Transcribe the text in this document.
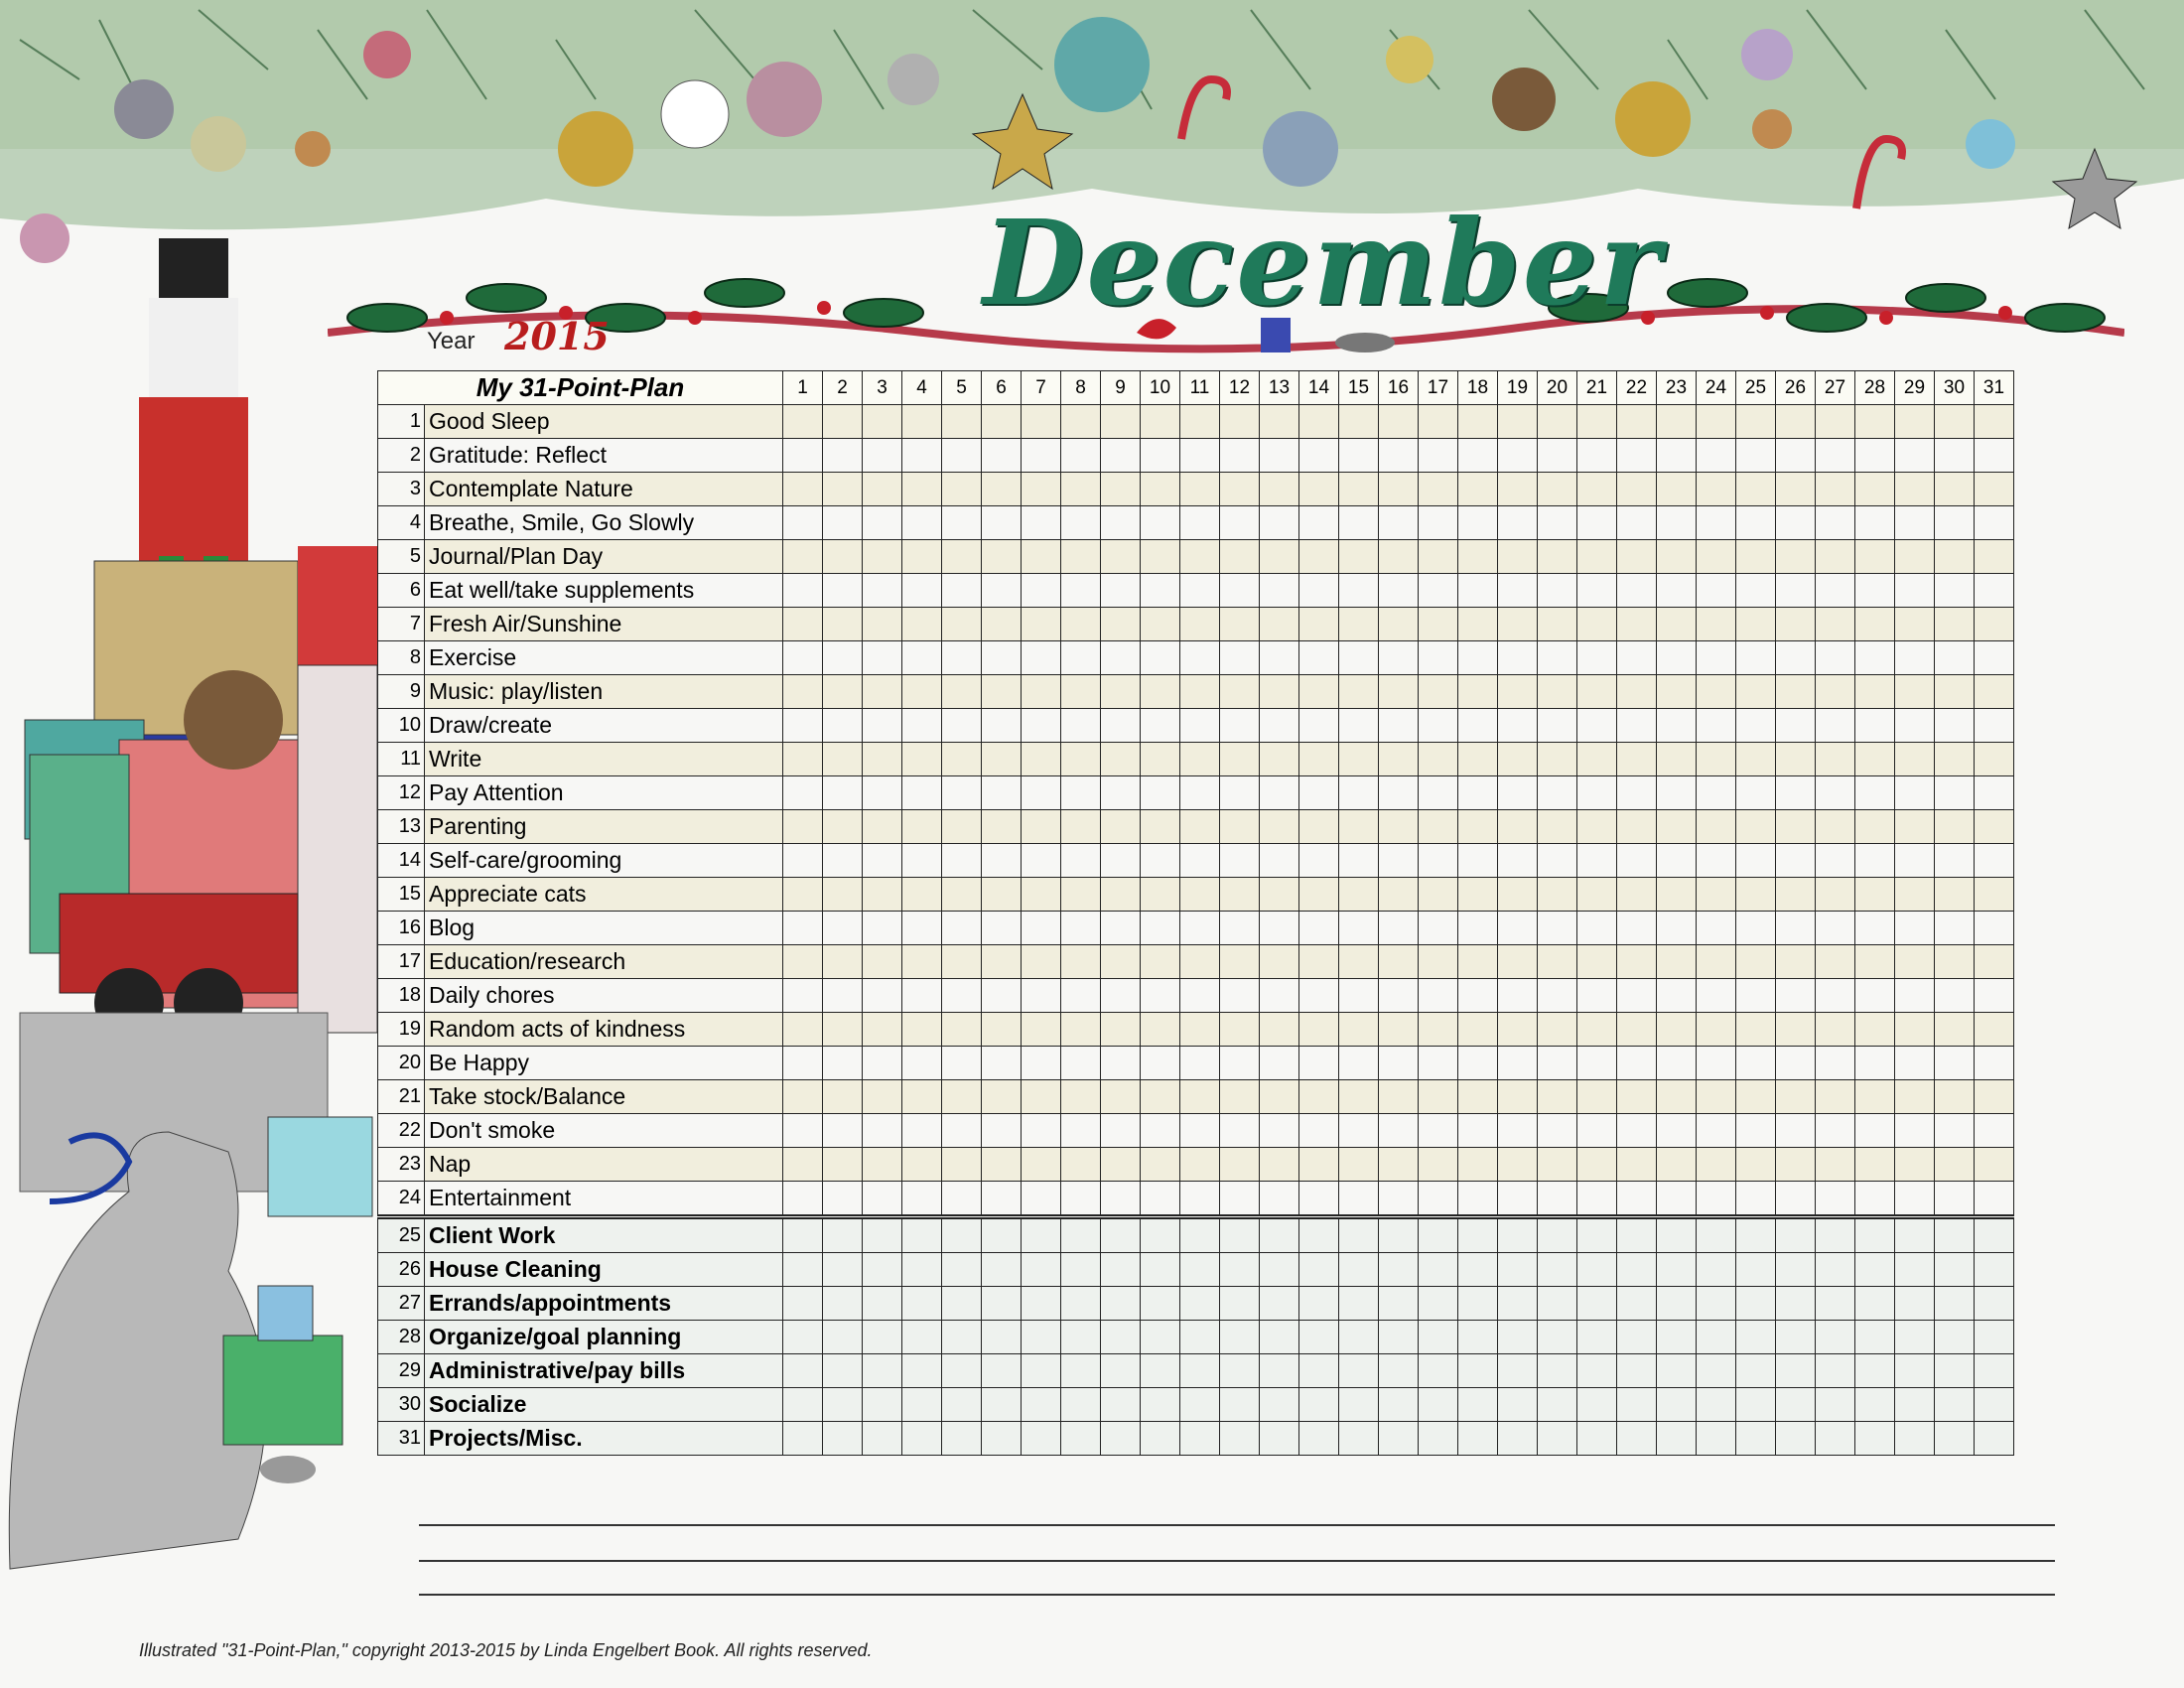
December
Year 2015
My 31-Point-Plan		1	2	3	4	5	6	7	8	9	10	11	12	13	14	15	16	17	18	19	20	21	22	23	24	25	26	27	28	29	30	31
1	Good Sleep																															
2	Gratitude: Reflect																															
3	Contemplate Nature																															
4	Breathe, Smile, Go Slowly																															
5	Journal/Plan Day																															
6	Eat well/take supplements																															
7	Fresh Air/Sunshine																															
8	Exercise																															
9	Music: play/listen																															
10	Draw/create																															
11	Write																															
12	Pay Attention																															
13	Parenting																															
14	Self-care/grooming																															
15	Appreciate cats																															
16	Blog																															
17	Education/research																															
18	Daily chores																															
19	Random acts of kindness																															
20	Be Happy																															
21	Take stock/Balance																															
22	Don't smoke																															
23	Nap																															
24	Entertainment																															
25	Client Work																															
26	House Cleaning																															
27	Errands/appointments																															
28	Organize/goal planning																															
29	Administrative/pay bills																															
30	Socialize																															
31	Projects/Misc.																															
Illustrated "31-Point-Plan," copyright 2013-2015 by Linda Engelbert Book. All rights reserved.
